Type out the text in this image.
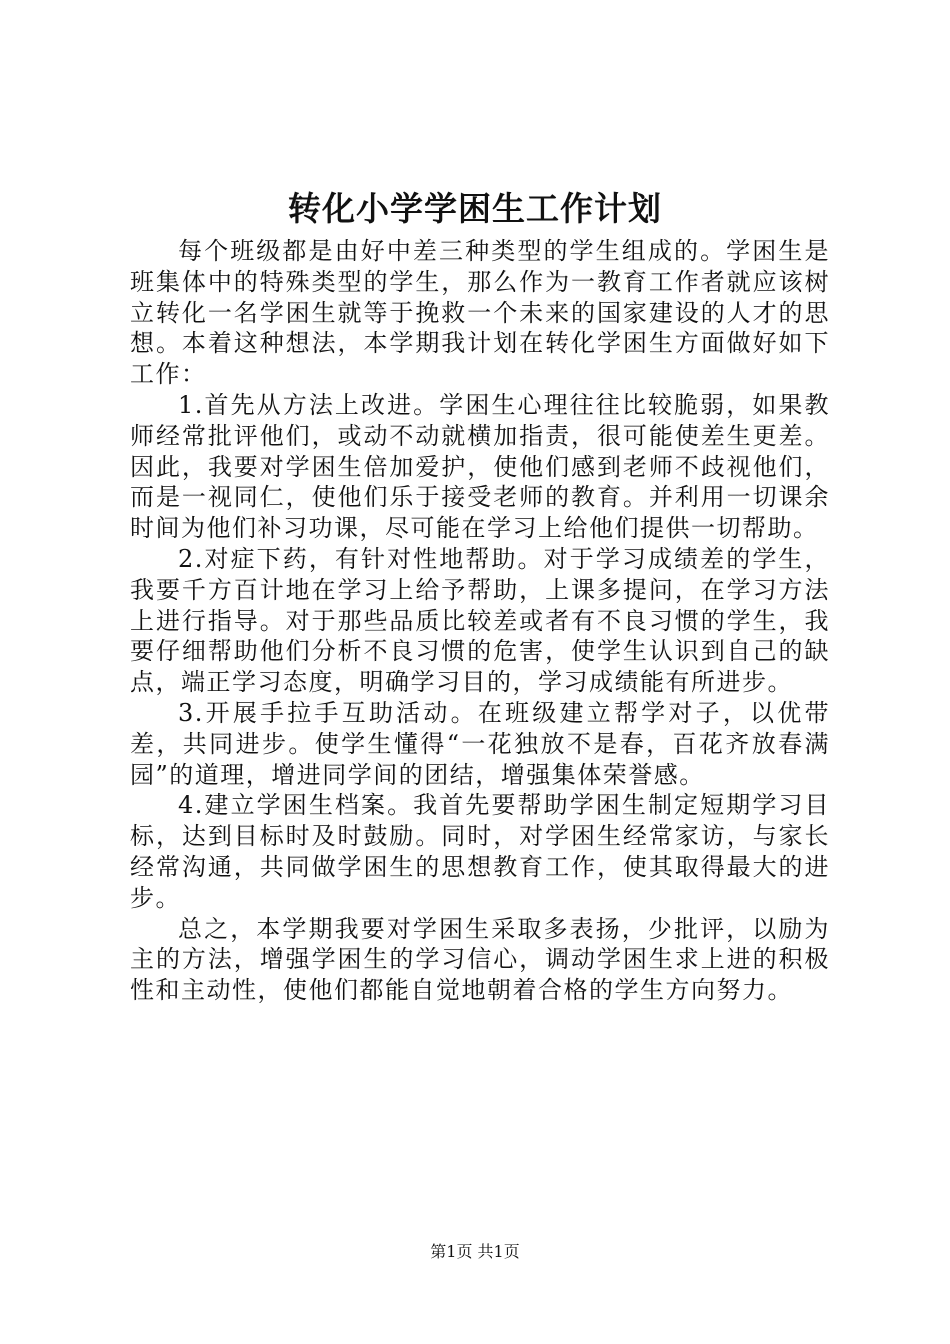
转化小学学困生工作计划

每个班级都是由好中差三种类型的学生组成的。学困生是班集体中的特殊类型的学生，那么作为一教育工作者就应该树立转化一名学困生就等于挽救一个未来的国家建设的人才的思想。本着这种想法，本学期我计划在转化学困生方面做好如下工作：

1.首先从方法上改进。学困生心理往往比较脆弱，如果教师经常批评他们，或动不动就横加指责，很可能使差生更差。因此，我要对学困生倍加爱护，使他们感到老师不歧视他们，而是一视同仁，使他们乐于接受老师的教育。并利用一切课余时间为他们补习功课，尽可能在学习上给他们提供一切帮助。

2.对症下药，有针对性地帮助。对于学习成绩差的学生，我要千方百计地在学习上给予帮助，上课多提问，在学习方法上进行指导。对于那些品质比较差或者有不良习惯的学生，我要仔细帮助他们分析不良习惯的危害，使学生认识到自己的缺点，端正学习态度，明确学习目的，学习成绩能有所进步。

3.开展手拉手互助活动。在班级建立帮学对子，以优带差，共同进步。使学生懂得“一花独放不是春，百花齐放春满园”的道理，增进同学间的团结，增强集体荣誉感。

4.建立学困生档案。我首先要帮助学困生制定短期学习目标，达到目标时及时鼓励。同时，对学困生经常家访，与家长经常沟通，共同做学困生的思想教育工作，使其取得最大的进步。

总之，本学期我要对学困生采取多表扬，少批评，以励为主的方法，增强学困生的学习信心，调动学困生求上进的积极性和主动性，使他们都能自觉地朝着合格的学生方向努力。

第1页 共1页
